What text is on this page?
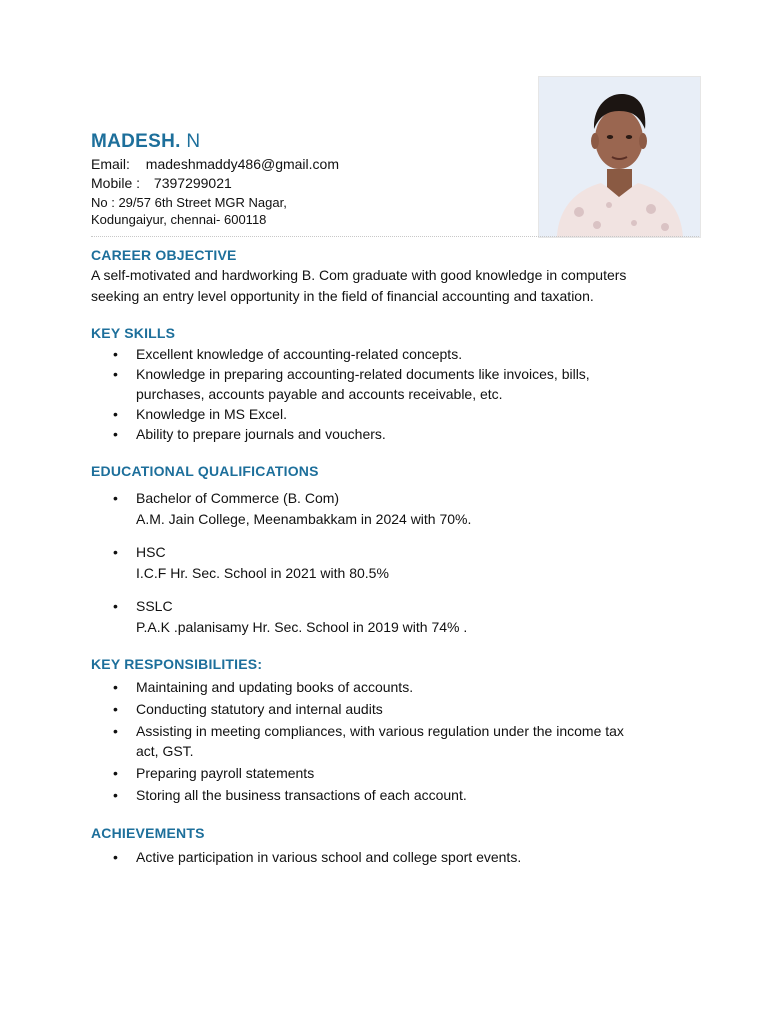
MADESH. N
Email: madeshmaddy486@gmail.com
Mobile : 7397299021
No : 29/57 6th Street MGR Nagar,
Kodungaiyur, chennai- 600118
CAREER OBJECTIVE
A self-motivated and hardworking B. Com graduate with good knowledge in computers
seeking an entry level opportunity in the field of financial accounting and taxation.
KEY SKILLS
•	Excellent knowledge of accounting-related concepts.
•	Knowledge in preparing accounting-related documents like invoices, bills,
purchases, accounts payable and accounts receivable, etc.
•	Knowledge in MS Excel.
•	Ability to prepare journals and vouchers.
EDUCATIONAL QUALIFICATIONS
• Bachelor of Commerce (B. Com)
A.M. Jain College, Meenambakkam in 2024 with 70%.
• HSC
I.C.F Hr. Sec. School in 2021 with 80.5%
• SSLC
P.A.K .palanisamy Hr. Sec. School in 2019 with 74% .
KEY RESPONSIBILITIES:
•	Maintaining and updating books of accounts.
•	Conducting statutory and internal audits
•	Assisting in meeting compliances, with various regulation under the income tax
act, GST.
•	Preparing payroll statements
•	Storing all the business transactions of each account.
ACHIEVEMENTS
•	Active participation in various school and college sport events.
